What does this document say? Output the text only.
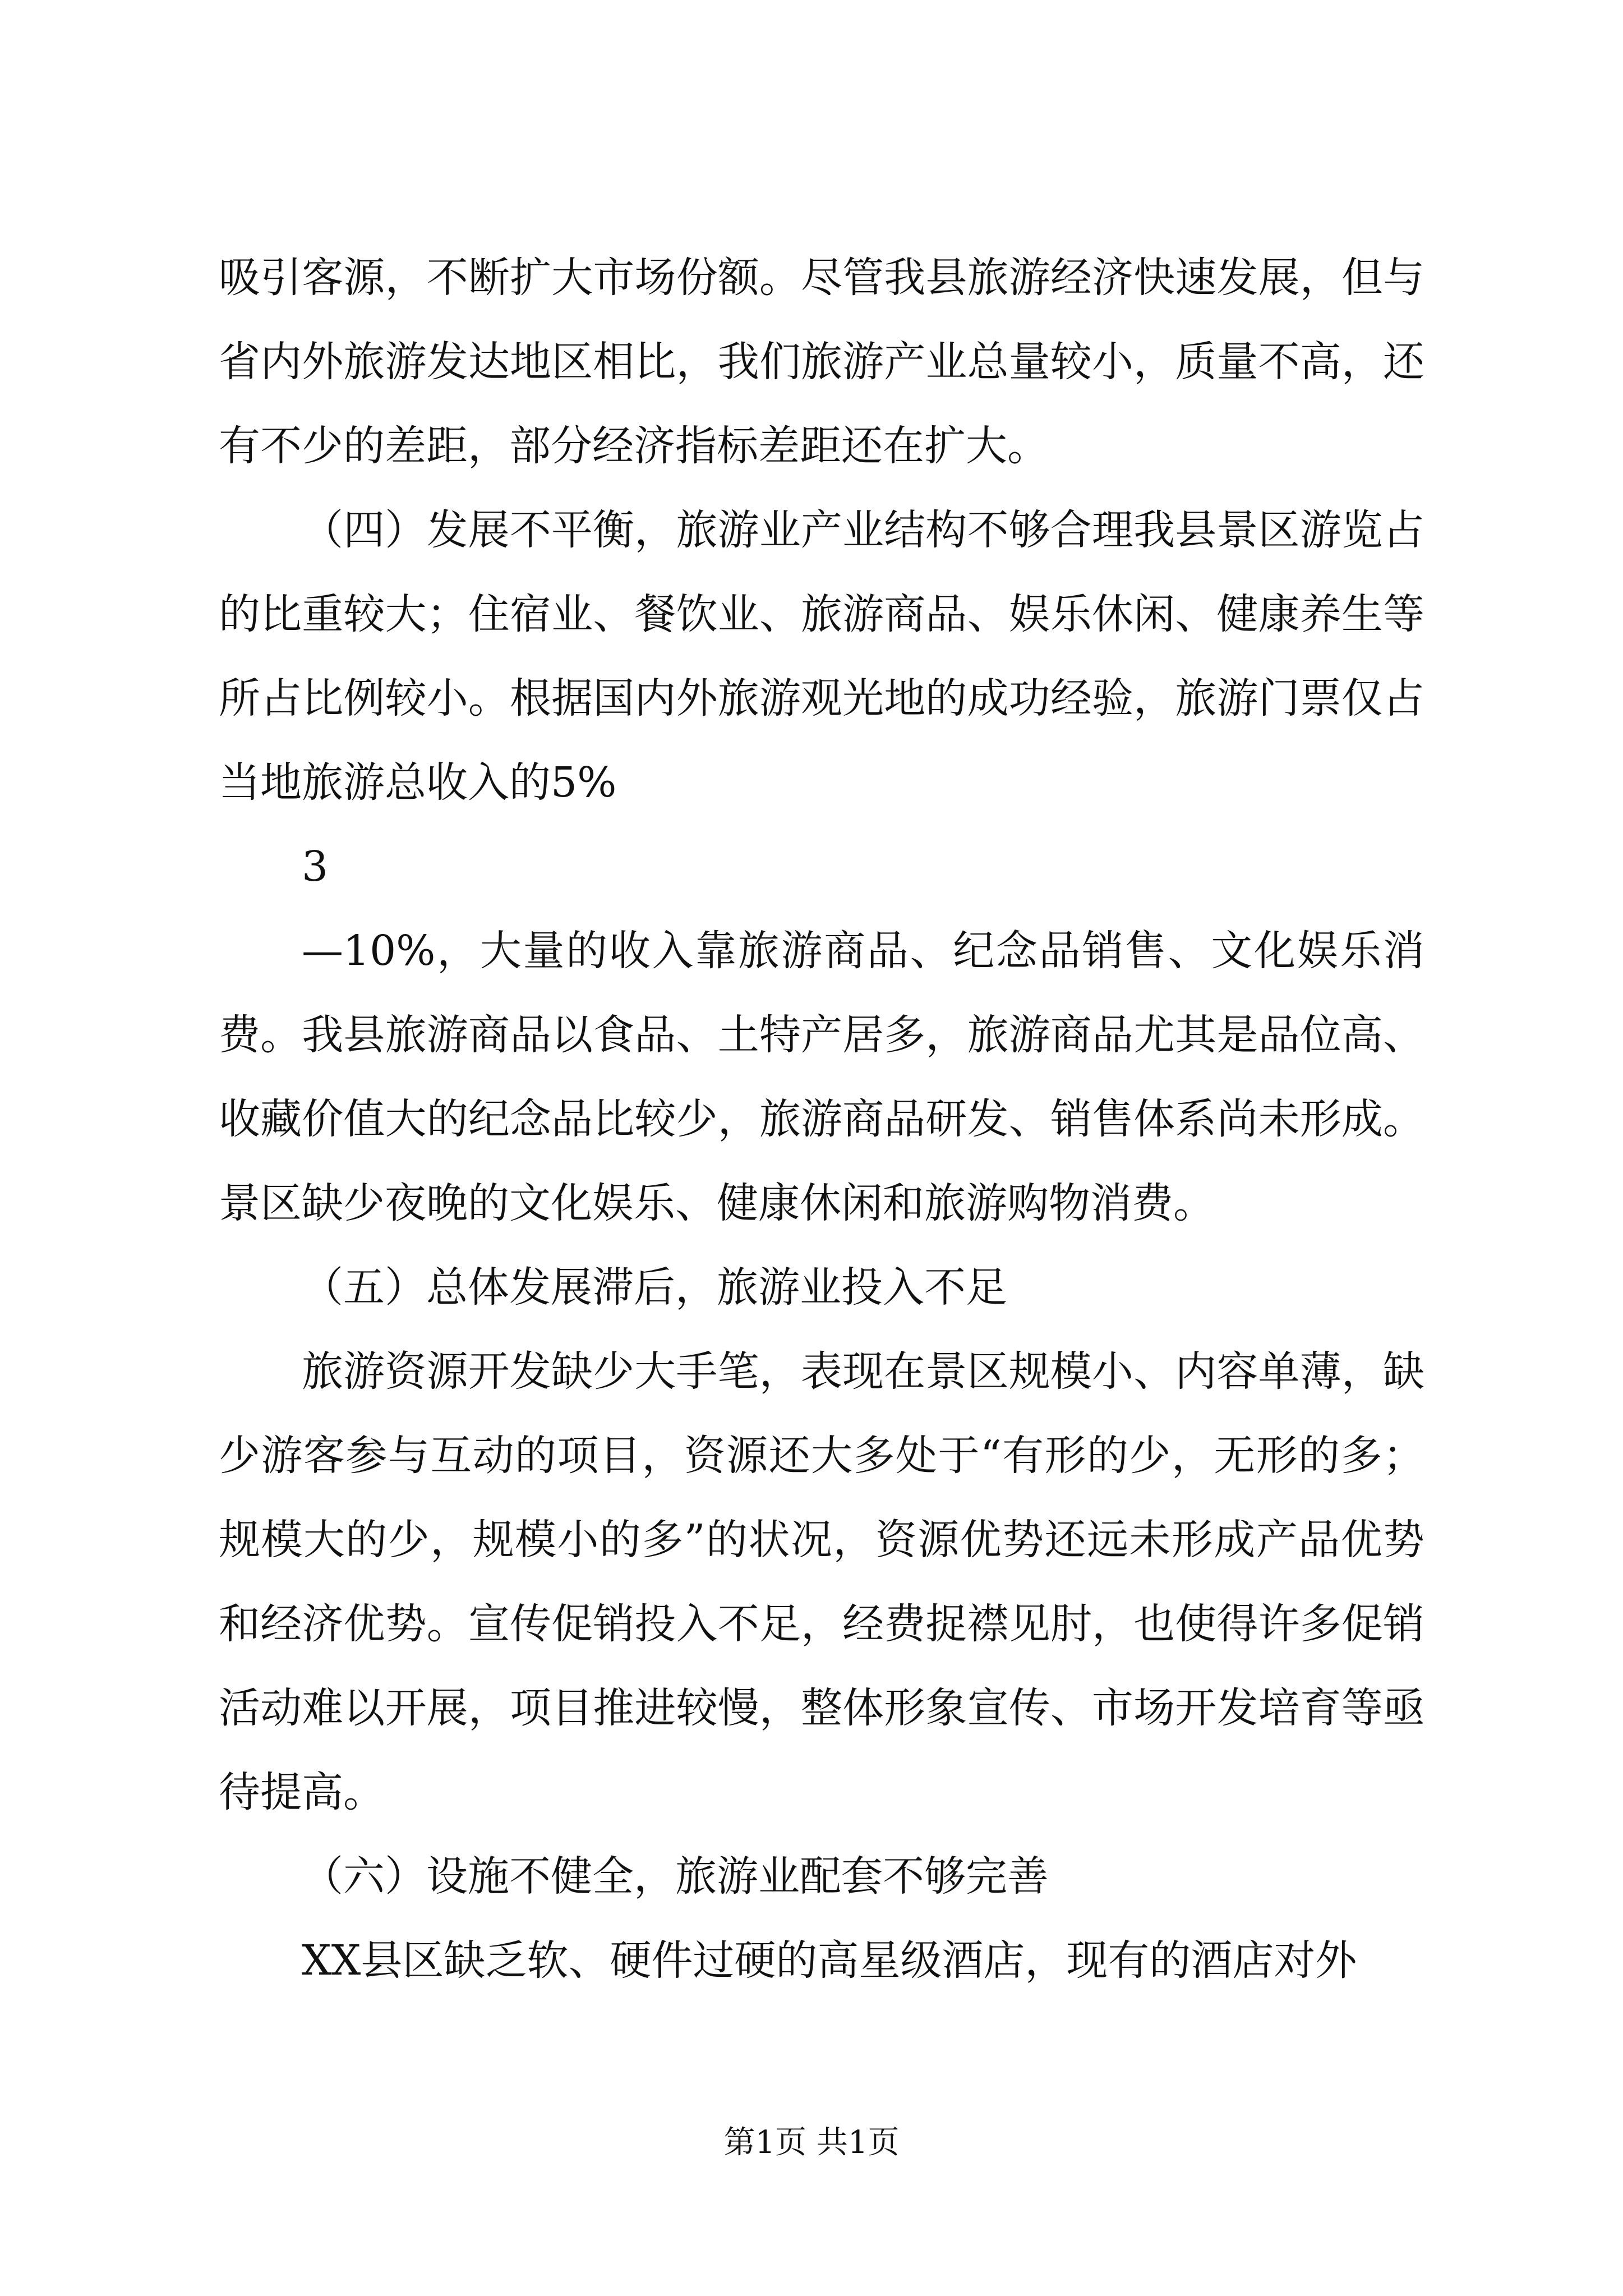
吸引客源，不断扩大市场份额。尽管我县旅游经济快速发展，但与省内外旅游发达地区相比，我们旅游产业总量较小，质量不高，还有不少的差距，部分经济指标差距还在扩大。

（四）发展不平衡，旅游业产业结构不够合理我县景区游览占的比重较大；住宿业、餐饮业、旅游商品、娱乐休闲、健康养生等所占比例较小。根据国内外旅游观光地的成功经验，旅游门票仅占当地旅游总收入的5%

3

—10%，大量的收入靠旅游商品、纪念品销售、文化娱乐消费。我县旅游商品以食品、土特产居多，旅游商品尤其是品位高、收藏价值大的纪念品比较少，旅游商品研发、销售体系尚未形成。景区缺少夜晚的文化娱乐、健康休闲和旅游购物消费。

（五）总体发展滞后，旅游业投入不足

旅游资源开发缺少大手笔，表现在景区规模小、内容单薄，缺少游客参与互动的项目，资源还大多处于“有形的少，无形的多；规模大的少，规模小的多”的状况，资源优势还远未形成产品优势和经济优势。宣传促销投入不足，经费捉襟见肘，也使得许多促销活动难以开展，项目推进较慢，整体形象宣传、市场开发培育等亟待提高。

（六）设施不健全，旅游业配套不够完善

XX县区缺乏软、硬件过硬的高星级酒店，现有的酒店对外

第1页 共1页
